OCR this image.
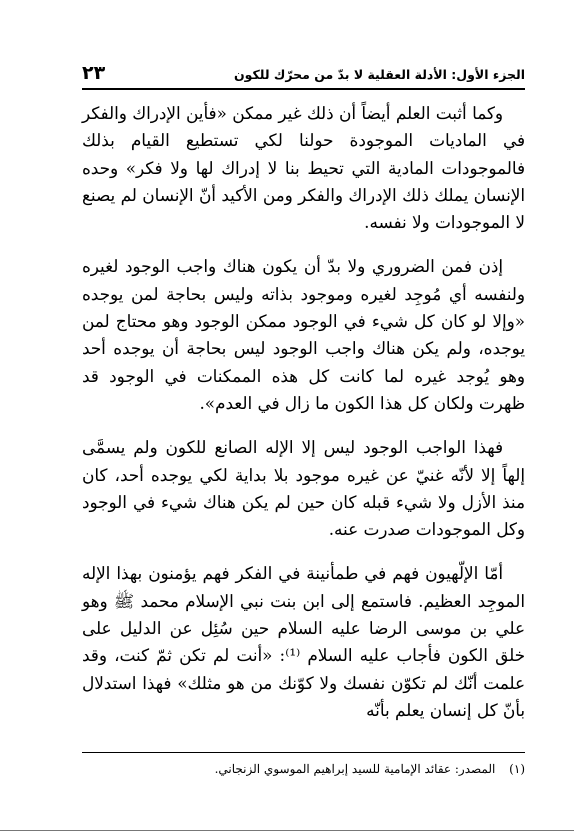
الجزء الأول: الأدلة العقلية لا بدّ من محرّك للكون
٢٣

وكما أثبت العلم أيضاً أن ذلك غير ممكن «فأين الإدراك والفكر في الماديات الموجودة حولنا لكي تستطيع القيام بذلك فالموجودات المادية التي تحيط بنا لا إدراك لها ولا فكر» وحده الإنسان يملك ذلك الإدراك والفكر ومن الأكيد أنّ الإنسان لم يصنع لا الموجودات ولا نفسه.

إذن فمن الضروري ولا بدّ أن يكون هناك واجب الوجود لغيره ولنفسه أي مُوجِد لغيره وموجود بذاته وليس بحاجة لمن يوجده «وإلا لو كان كل شيء في الوجود ممكن الوجود وهو محتاج لمن يوجده، ولم يكن هناك واجب الوجود ليس بحاجة أن يوجده أحد وهو يُوجد غيره لما كانت كل هذه الممكنات في الوجود قد ظهرت ولكان كل هذا الكون ما زال في العدم».

فهذا الواجب الوجود ليس إلا الإله الصانع للكون ولم يسمَّى إلهاً إلا لأنّه غنيّ عن غيره موجود بلا بداية لكي يوجده أحد، كان منذ الأزل ولا شيء قبله كان حين لم يكن هناك شيء في الوجود وكل الموجودات صدرت عنه.

أمّا الإلّهيون فهم في طمأنينة في الفكر فهم يؤمنون بهذا الإله الموجِد العظيم. فاستمع إلى ابن بنت نبي الإسلام محمد ﷺ وهو علي بن موسى الرضا عليه السلام حين سُئِل عن الدليل على خلق الكون فأجاب عليه السلام ⁽¹⁾: «أنت لم تكن ثمّ كنت، وقد علمت أنّك لم تكوّن نفسك ولا كوّنك من هو مثلك» فهذا استدلال بأنّ كل إنسان يعلم بأنّه

(١) المصدر: عقائد الإمامية للسيد إبراهيم الموسوي الزنجاني.
